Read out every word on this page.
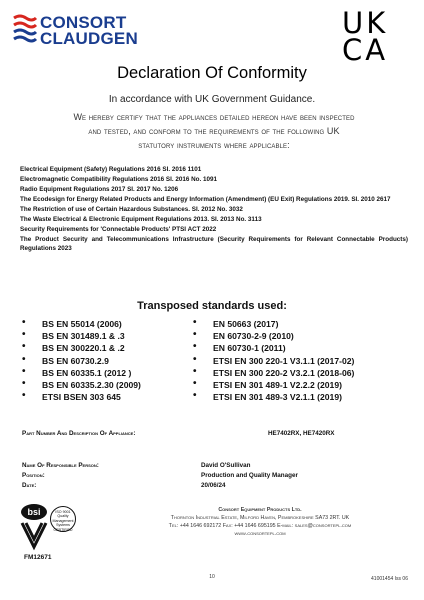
CONSORT
CLAUDGEN	UK
CA
Declaration Of Conformity
In accordance with UK Government Guidance.
We hereby certify that the appliances detailed hereon have been inspected
and tested, and conform to the requirements of the following UK
statutory instruments where applicable:
Electrical Equipment (Safety) Regulations 2016 SI. 2016 1101
Electromagnetic Compatibility Regulations 2016 SI. 2016 No. 1091
Radio Equipment Regulations 2017 SI. 2017 No. 1206
The Ecodesign for Energy Related Products and Energy Information (Amendment) (EU Exit) Regulations 2019. SI. 2010 2617
The Restriction of use of Certain Hazardous Substances. SI. 2012 No. 3032
The Waste Electrical & Electronic Equipment Regulations 2013. SI. 2013 No. 3113
Security Requirements for 'Connectable Products' PTSI ACT 2022
The Product Security and Telecommunications Infrastructure (Security Requirements for Relevant Connectable Products) Regulations 2023
Transposed standards used:
• BS EN 55014 (2006)
• BS EN 301489.1 & .3
• BS EN 300220.1 & .2
• BS EN 60730.2.9
• BS EN 60335.1 (2012 )
• BS EN 60335.2.30 (2009)
• ETSI BSEN 303 645
• EN 50663 (2017)
• EN 60730-2-9 (2010)
• EN 60730-1 (2011)
• ETSI EN 300 220-1 V3.1.1 (2017-02)
• ETSI EN 300 220-2 V3.2.1 (2018-06)
• ETSI EN 301 489-1 V2.2.2 (2019)
• ETSI EN 301 489-3 V2.1.1 (2019)
Part Number And Description Of Appliance:	HE7402RX, HE7420RX
Name Of Responsible Person:	David O'Sullivan
Position:	Production and Quality Manager
Date:	20/06/24
bsi	ISO 9001
Quality
Management
Systems
CERTIFIED
FM12671
Consort Equipment Products Ltd.
Thornton Industrial Estate, Milford Haven, Pembrokeshire SA73 2RT. UK
Tel: +44 1646 692172 Fax: +44 1646 695195 E-mail: sales@consortepl.com
www.consortepl.com
10	41001454 Iss 06
